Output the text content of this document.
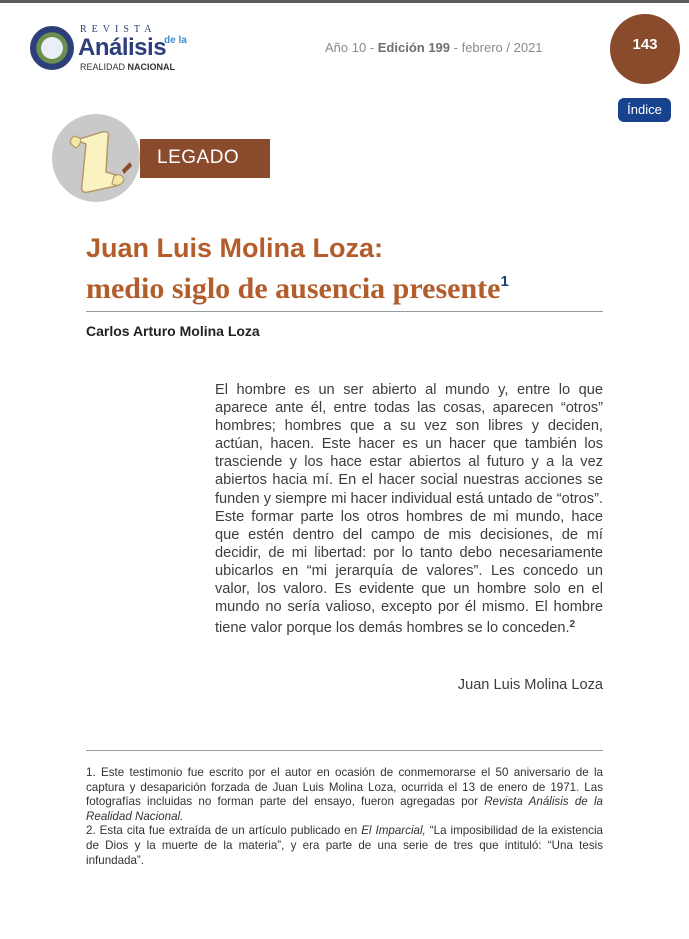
REVISTA
Análisis
de la
REALIDAD NACIONAL
Año 10 - Edición 199 - febrero / 2021	143
Índice
LEGADO
Juan Luis Molina Loza:
medio siglo de ausencia presente$^1$
Carlos Arturo Molina Loza

El hombre es un ser abierto al mundo y, entre lo que aparece ante él, entre todas las cosas, aparecen “otros” hombres; hombres que a su vez son libres y deciden, actúan, hacen. Este hacer es un hacer que también los trasciende y los hace estar abiertos al futuro y a la vez abiertos hacia mí. En el hacer social nuestras acciones se funden y siempre mi hacer individual está untado de “otros”. Este formar parte los otros hombres de mi mundo, hace que estén dentro del campo de mis decisiones, de mí decidir, de mi libertad: por lo tanto debo necesariamente ubicarlos en “mi jerarquía de valores”. Les concedo un valor, los valoro. Es evidente que un hombre solo en el mundo no sería valioso, excepto por él mismo. El hombre tiene valor porque los demás hombres se lo conceden.$^2$

Juan Luis Molina Loza

1. Este testimonio fue escrito por el autor en ocasión de conmemorarse el 50 aniversario de la captura y desaparición forzada de Juan Luis Molina Loza, ocurrida el 13 de enero de 1971. Las fotografías incluidas no forman parte del ensayo, fueron agregadas por Revista Análisis de la Realidad Nacional.

2. Esta cita fue extraída de un artículo publicado en El Imparcial, “La imposibilidad de la existencia de Dios y la muerte de la materia”, y era parte de una serie de tres que intituló: “Una tesis infundada”.
